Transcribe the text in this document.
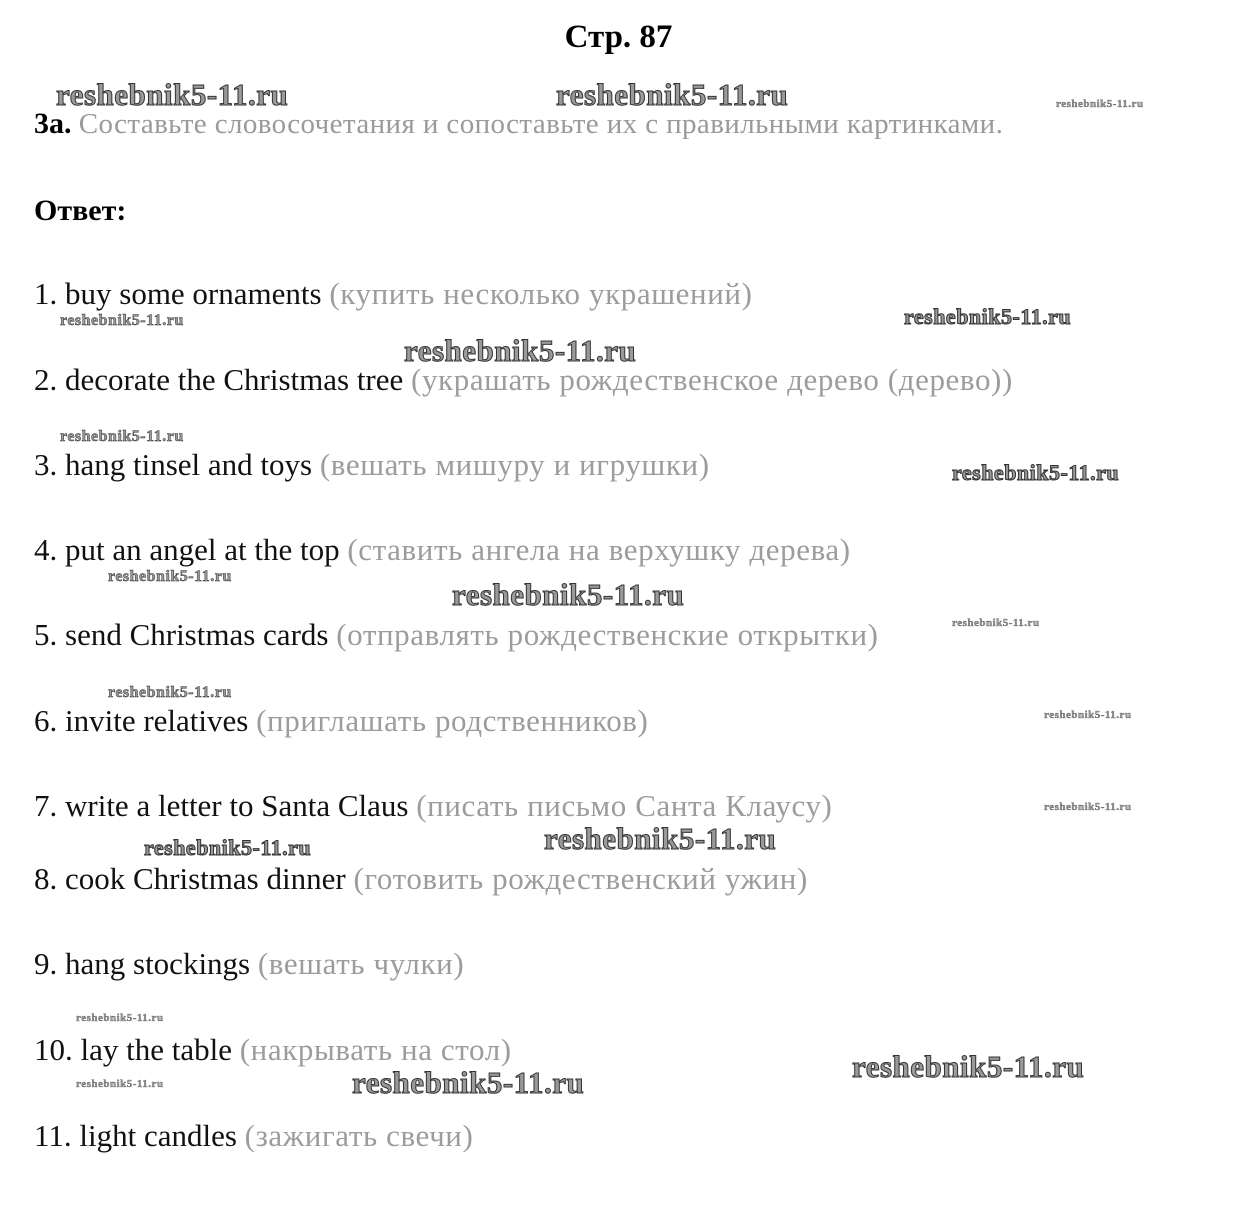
Стр. 87
3a. Составьте словосочетания и сопоставьте их с правильными картинками.
Ответ:
1. buy some ornaments (купить несколько украшений)
2. decorate the Christmas tree (украшать рождественское дерево (дерево))
3. hang tinsel and toys (вешать мишуру и игрушки)
4. put an angel at the top (ставить ангела на верхушку дерева)
5. send Christmas cards (отправлять рождественские открытки)
6. invite relatives (приглашать родственников)
7. write a letter to Santa Claus (писать письмо Санта Клаусу)
8. cook Christmas dinner (готовить рождественский ужин)
9. hang stockings (вешать чулки)
10. lay the table (накрывать на стол)
11. light candles (зажигать свечи)
reshebnik5-11.ru	reshebnik5-11.ru	reshebnik5-11.ru
reshebnik5-11.ru	reshebnik5-11.ru
reshebnik5-11.ru
reshebnik5-11.ru
reshebnik5-11.ru
reshebnik5-11.ru
reshebnik5-11.ru
reshebnik5-11.ru
reshebnik5-11.ru
reshebnik5-11.ru
reshebnik5-11.ru
reshebnik5-11.ru
reshebnik5-11.ru
reshebnik5-11.ru
reshebnik5-11.ru
reshebnik5-11.ru
reshebnik5-11.ru
